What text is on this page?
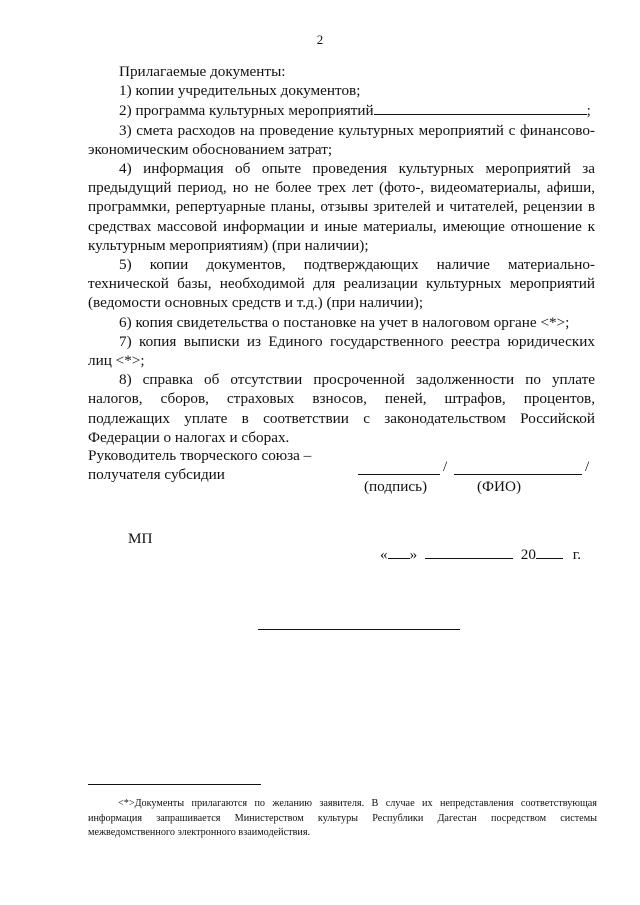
2

Прилагаемые документы:

1) копии учредительных документов;

2) программа культурных мероприятий	;

3) смета расходов на проведение культурных мероприятий с финансово-экономическим обоснованием затрат;

4) информация об опыте проведения культурных мероприятий за предыдущий период, но не более трех лет (фото-, видеоматериалы, афиши, программки, репертуарные планы, отзывы зрителей и читателей, рецензии в средствах массовой информации и иные материалы, имеющие отношение к культурным мероприятиям) (при наличии);

5) копии документов, подтверждающих наличие материально-технической базы, необходимой для реализации культурных мероприятий (ведомости основных средств и т.д.) (при наличии);

6) копия свидетельства о постановке на учет в налоговом органе <*>;

7) копия выписки из Единого государственного реестра юридических лиц <*>;

8) справка об отсутствии просроченной задолженности по уплате налогов, сборов, страховых взносов, пеней, штрафов, процентов, подлежащих уплате в соответствии с законодательством Российской Федерации о налогах и сборах.

Руководитель творческого союза –
получателя субсидии	/	/
(подпись)	(ФИО)
МП
« »	20 г.

<*>Документы прилагаются по желанию заявителя. В случае их непредставления соответствующая информация запрашивается Министерством культуры Республики Дагестан посредством системы межведомственного электронного взаимодействия.
